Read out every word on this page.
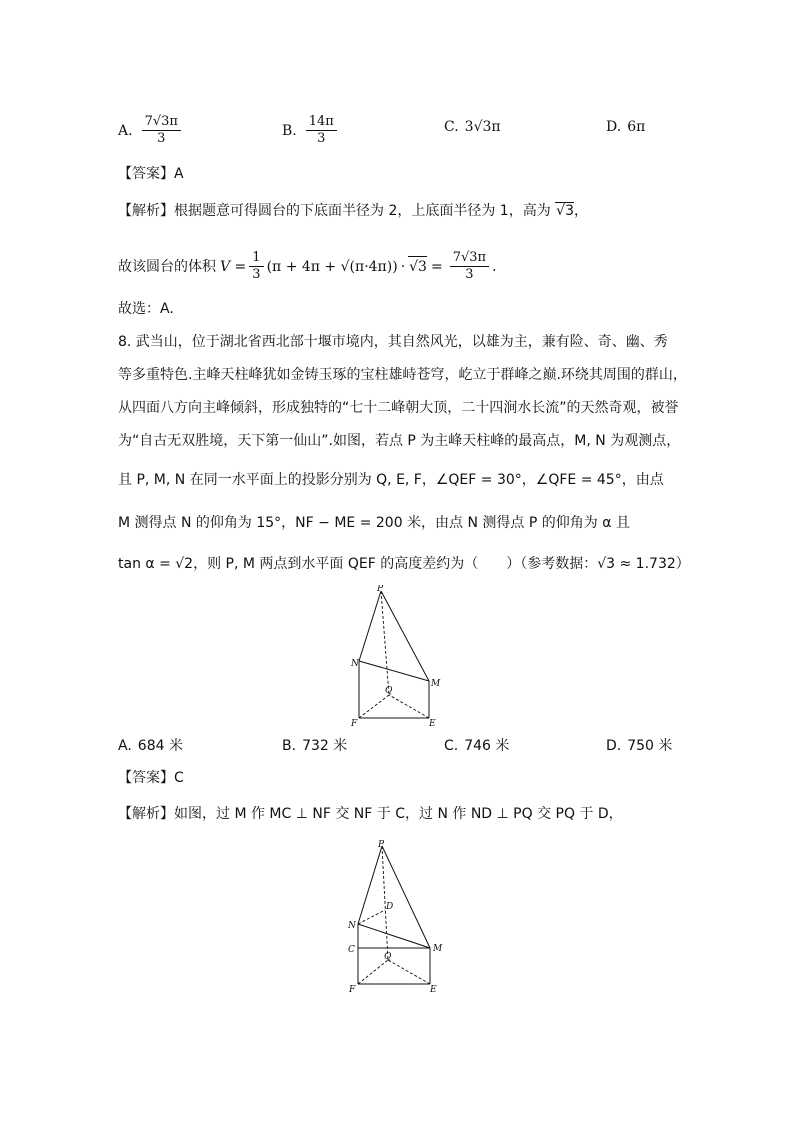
A. $\frac{7√3\pi}{3}$	B. $\frac{14\pi}{3}$	C. 3√3π	D. 6π
【答案】A
【解析】根据题意可得圆台的下底面半径为 2，上底面半径为 1，高为 √3，
故该圆台的体积 $V = \frac{1}{3} (\pi + 4\pi + √(\pi\cdot 4\pi)) \cdot √3 = \frac{7√3\pi}{3}$ .
故选：A.
8. 武当山，位于湖北省西北部十堰市境内，其自然风光，以雄为主，兼有险、奇、幽、秀
等多重特色.主峰天柱峰犹如金铸玉琢的宝柱雄峙苍穹，屹立于群峰之巅.环绕其周围的群山，
从四面八方向主峰倾斜，形成独特的“七十二峰朝大顶，二十四涧水长流”的天然奇观，被誉
为“自古无双胜境，天下第一仙山”.如图，若点 P 为主峰天柱峰的最高点，M, N 为观测点，
且 P, M, N 在同一水平面上的投影分别为 Q, E, F，∠QEF = 30°，∠QFE = 45°，由点
M 测得点 N 的仰角为 15°，NF − ME = 200 米，由点 N 测得点 P 的仰角为 α 且
tan α = √2，则 P, M 两点到水平面 QEF 的高度差约为（　　）（参考数据：√3 ≈ 1.732）
P
N
M
Q
F	E
A. 684 米	B. 732 米	C. 746 米	D. 750 米
【答案】C
【解析】如图，过 M 作 MC ⊥ NF 交 NF 于 C，过 N 作 ND ⊥ PQ 交 PQ 于 D，
P
D
N
C	M
Q
F	E
